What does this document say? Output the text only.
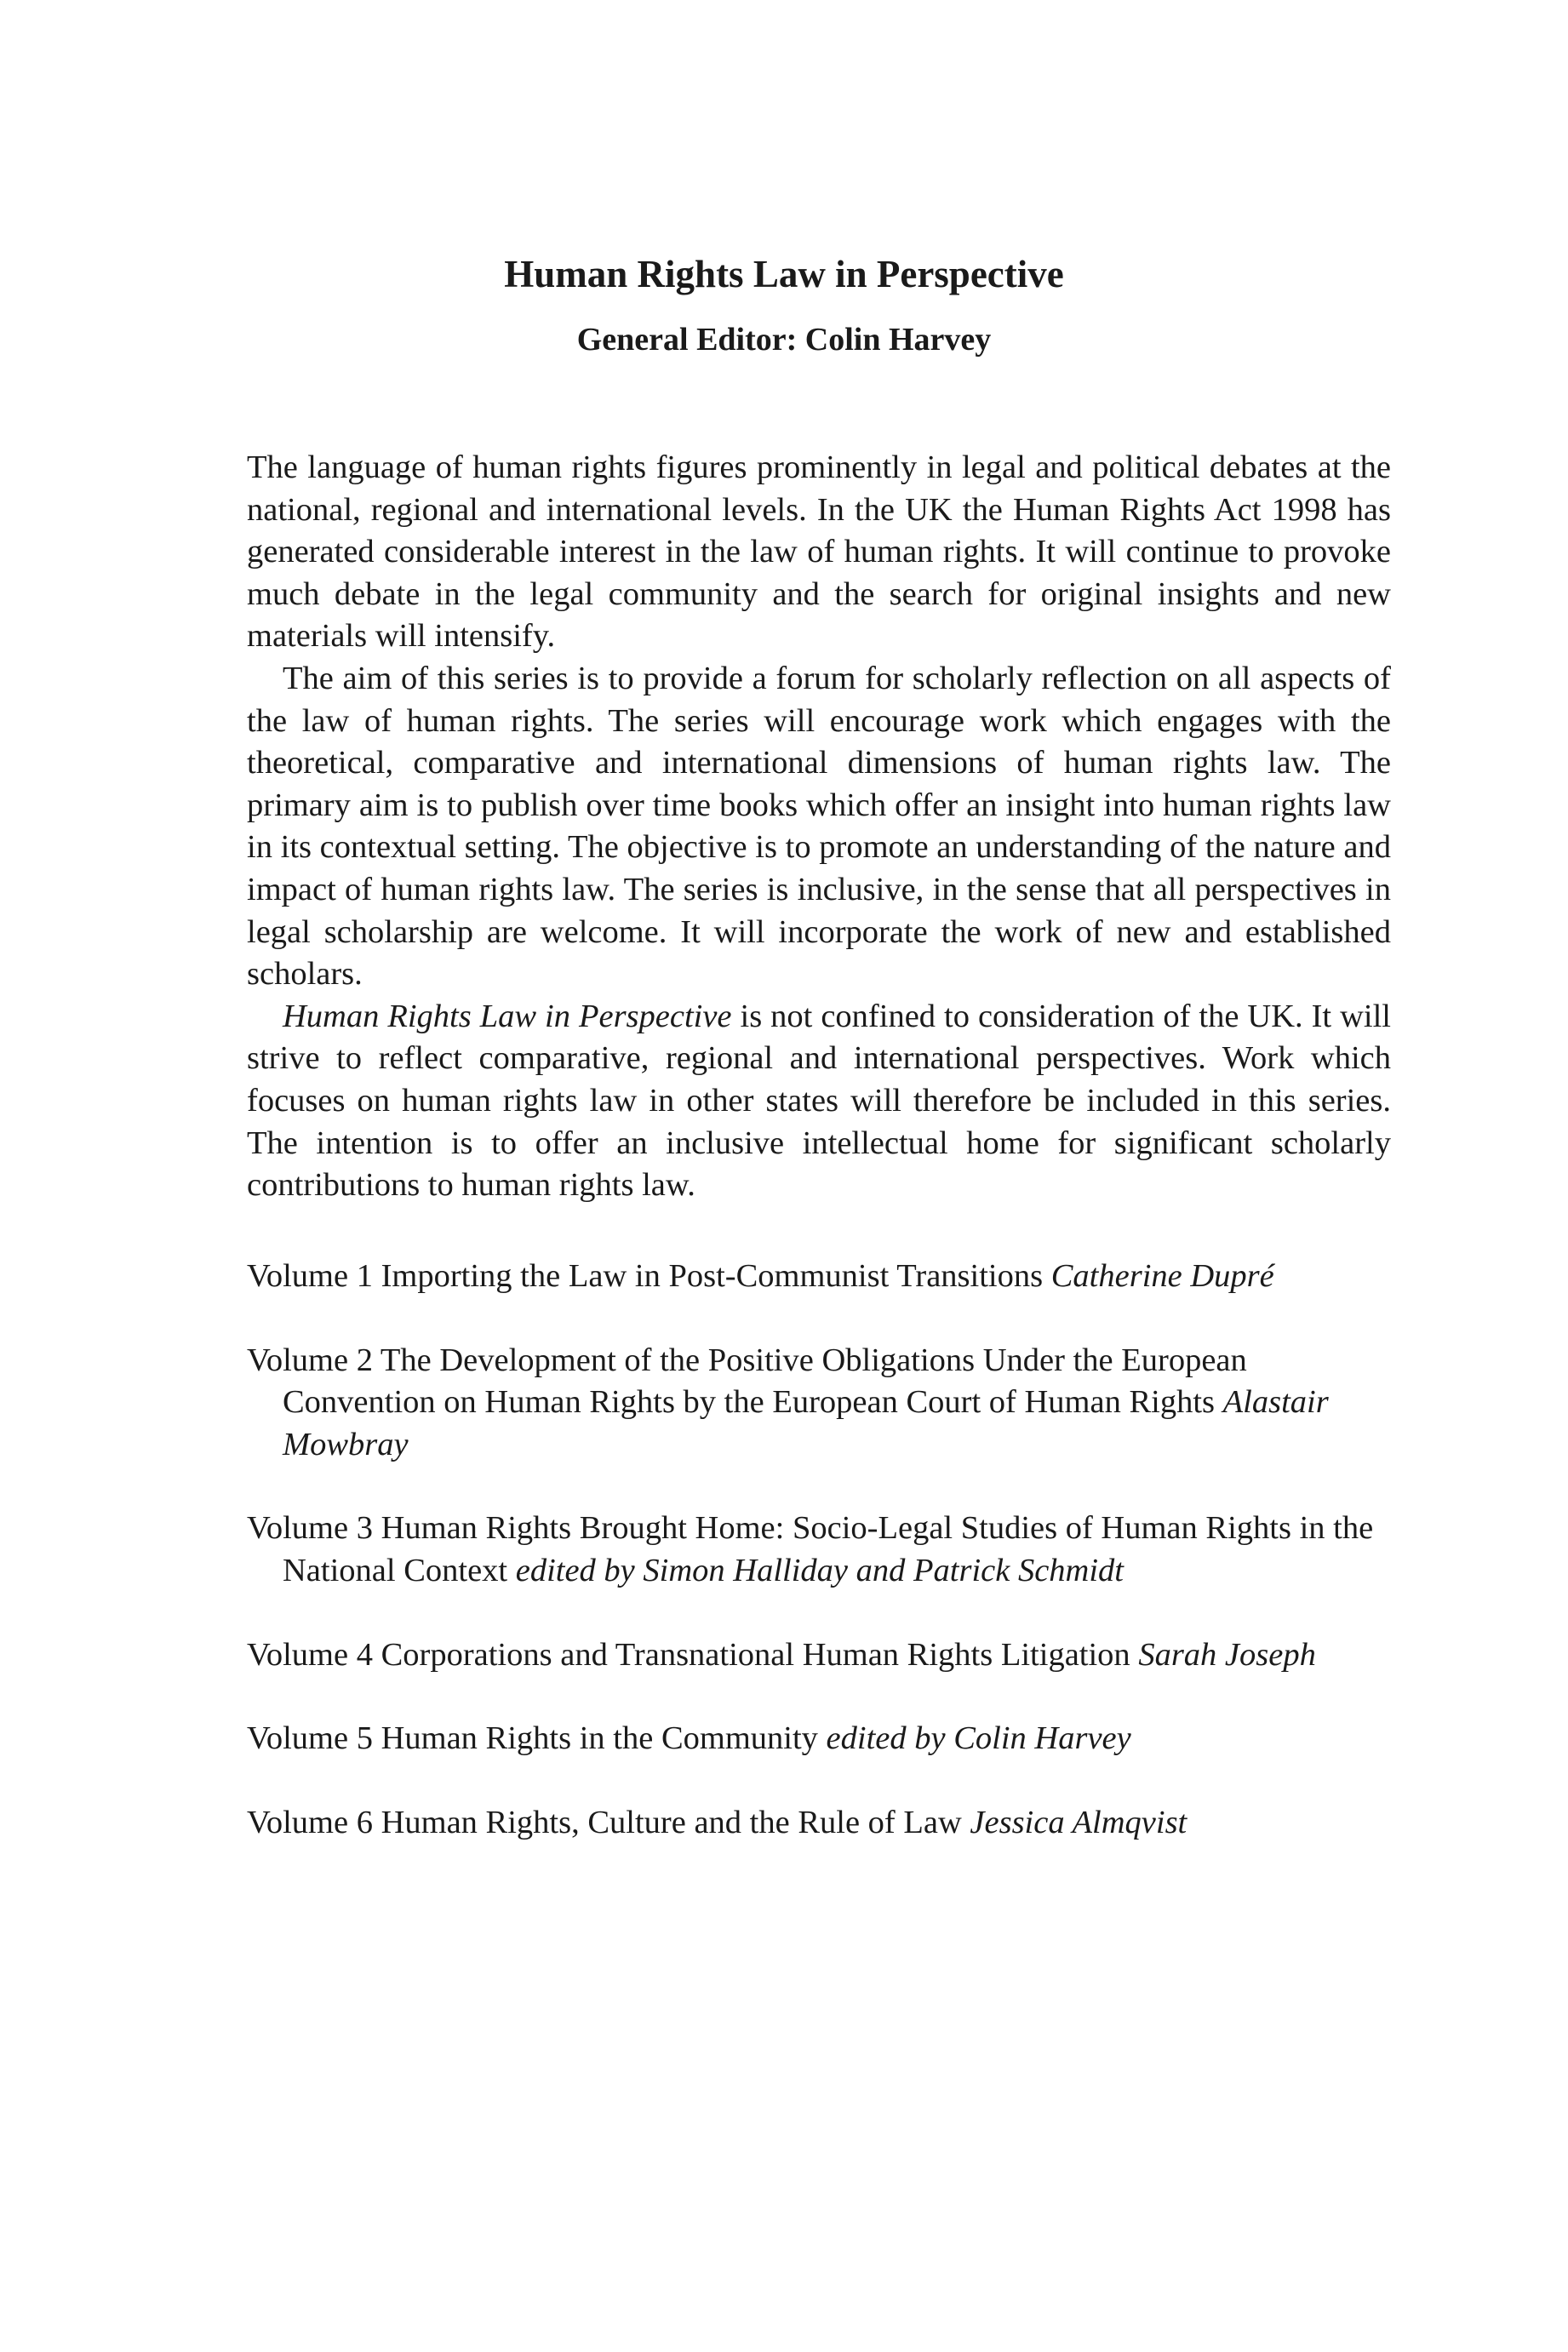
Human Rights Law in Perspective
General Editor: Colin Harvey

The language of human rights figures prominently in legal and political debates at the national, regional and international levels. In the UK the Human Rights Act 1998 has generated considerable interest in the law of human rights. It will continue to provoke much debate in the legal community and the search for original insights and new materials will intensify.

The aim of this series is to provide a forum for scholarly reflection on all aspects of the law of human rights. The series will encourage work which engages with the theoretical, comparative and international dimensions of human rights law. The primary aim is to publish over time books which offer an insight into human rights law in its contextual setting. The objective is to promote an understanding of the nature and impact of human rights law. The series is inclusive, in the sense that all perspectives in legal scholarship are welcome. It will incorporate the work of new and established scholars.

Human Rights Law in Perspective is not confined to consideration of the UK. It will strive to reflect comparative, regional and international perspectives. Work which focuses on human rights law in other states will therefore be included in this series. The intention is to offer an inclusive intellectual home for significant scholarly contributions to human rights law.

Volume 1 Importing the Law in Post-Communist Transitions Catherine Dupré

Volume 2 The Development of the Positive Obligations Under the European Convention on Human Rights by the European Court of Human Rights Alastair Mowbray

Volume 3 Human Rights Brought Home: Socio-Legal Studies of Human Rights in the National Context edited by Simon Halliday and Patrick Schmidt

Volume 4 Corporations and Transnational Human Rights Litigation Sarah Joseph

Volume 5 Human Rights in the Community edited by Colin Harvey

Volume 6 Human Rights, Culture and the Rule of Law Jessica Almqvist
